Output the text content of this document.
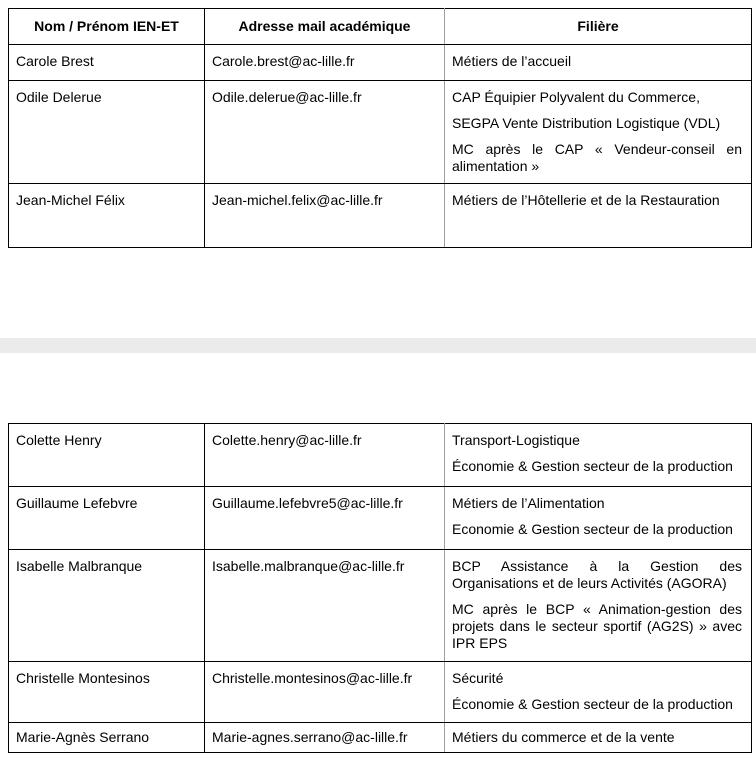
Nom / Prénom IEN-ET	Adresse mail académique	Filière
Carole Brest	Carole.brest@ac-lille.fr	Métiers de l’accueil

Odile Delerue	Odile.delerue@ac-lille.fr	CAP Équipier Polyvalent du Commerce,

SEGPA Vente Distribution Logistique (VDL)

MC après le CAP « Vendeur-conseil en alimentation »

Jean-Michel Félix	Jean-michel.felix@ac-lille.fr	Métiers de l’Hôtellerie et de la Restauration

Colette Henry	Colette.henry@ac-lille.fr	Transport-Logistique

Économie & Gestion secteur de la production

Guillaume Lefebvre	Guillaume.lefebvre5@ac-lille.fr	Métiers de l’Alimentation

Economie & Gestion secteur de la production

Isabelle Malbranque	Isabelle.malbranque@ac-lille.fr	BCP Assistance à la Gestion des Organisations et de leurs Activités (AGORA)

MC après le BCP « Animation-gestion des projets dans le secteur sportif (AG2S) » avec IPR EPS

Christelle Montesinos	Christelle.montesinos@ac-lille.fr	Sécurité

Économie & Gestion secteur de la production

Marie-Agnès Serrano	Marie-agnes.serrano@ac-lille.fr	Métiers du commerce et de la vente
